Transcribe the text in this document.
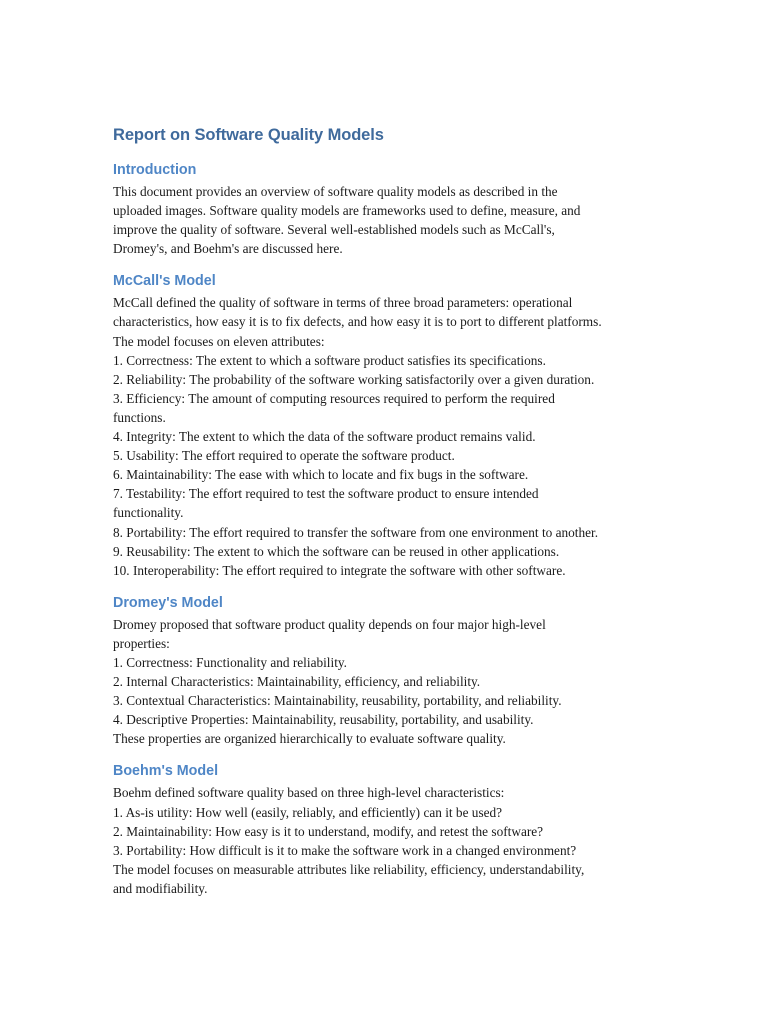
Report on Software Quality Models
Introduction
This document provides an overview of software quality models as described in the
uploaded images. Software quality models are frameworks used to define, measure, and
improve the quality of software. Several well-established models such as McCall's,
Dromey's, and Boehm's are discussed here.
McCall's Model
McCall defined the quality of software in terms of three broad parameters: operational
characteristics, how easy it is to fix defects, and how easy it is to port to different platforms.
The model focuses on eleven attributes:
1. Correctness: The extent to which a software product satisfies its specifications.
2. Reliability: The probability of the software working satisfactorily over a given duration.
3. Efficiency: The amount of computing resources required to perform the required
functions.
4. Integrity: The extent to which the data of the software product remains valid.
5. Usability: The effort required to operate the software product.
6. Maintainability: The ease with which to locate and fix bugs in the software.
7. Testability: The effort required to test the software product to ensure intended
functionality.
8. Portability: The effort required to transfer the software from one environment to another.
9. Reusability: The extent to which the software can be reused in other applications.
10. Interoperability: The effort required to integrate the software with other software.
Dromey's Model
Dromey proposed that software product quality depends on four major high-level
properties:
1. Correctness: Functionality and reliability.
2. Internal Characteristics: Maintainability, efficiency, and reliability.
3. Contextual Characteristics: Maintainability, reusability, portability, and reliability.
4. Descriptive Properties: Maintainability, reusability, portability, and usability.
These properties are organized hierarchically to evaluate software quality.
Boehm's Model
Boehm defined software quality based on three high-level characteristics:
1. As-is utility: How well (easily, reliably, and efficiently) can it be used?
2. Maintainability: How easy is it to understand, modify, and retest the software?
3. Portability: How difficult is it to make the software work in a changed environment?
The model focuses on measurable attributes like reliability, efficiency, understandability,
and modifiability.
